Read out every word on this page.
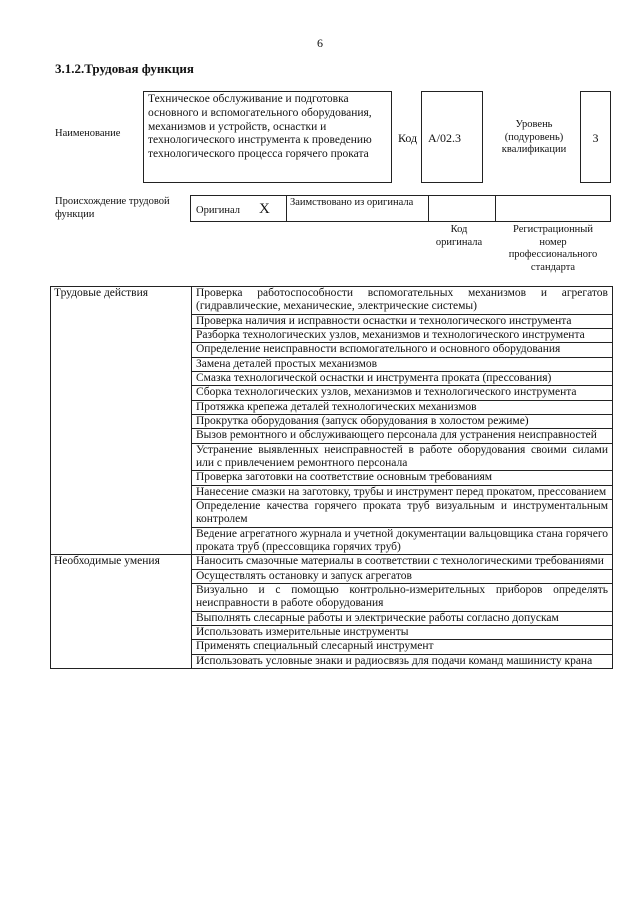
6
3.1.2.Трудовая функция
Наименование
Техническое обслуживание и подготовка основного и вспомогательного оборудования, механизмов и устройств, оснастки и технологического инструмента к проведению технологического процесса горячего проката
Код А/02.3
Уровень (подуровень) квалификации
3
Происхождение трудовой функции	Оригинал X Заимствовано из оригинала
Код оригинала
Регистрационный номер профессионального стандарта
Трудовые действия	Проверка работоспособности вспомогательных механизмов и агрегатов (гидравлические, механические, электрические системы)
	Проверка наличия и исправности оснастки и технологического инструмента
	Разборка технологических узлов, механизмов и технологического инструмента
	Определение неисправности вспомогательного и основного оборудования
	Замена деталей простых механизмов
	Смазка технологической оснастки и инструмента проката (прессования)
	Сборка технологических узлов, механизмов и технологического инструмента
	Протяжка крепежа деталей технологических механизмов
	Прокрутка оборудования (запуск оборудования в холостом режиме)
	Вызов ремонтного и обслуживающего персонала для устранения неисправностей
	Устранение выявленных неисправностей в работе оборудования своими силами или с привлечением ремонтного персонала
	Проверка заготовки на соответствие основным требованиям
	Нанесение смазки на заготовку, трубы и инструмент перед прокатом, прессованием
	Определение качества горячего проката труб визуальным и инструментальным контролем
	Ведение агрегатного журнала и учетной документации вальцовщика стана горячего проката труб (прессовщика горячих труб)
Необходимые умения	Наносить смазочные материалы в соответствии с технологическими требованиями
	Осуществлять остановку и запуск агрегатов
	Визуально и с помощью контрольно-измерительных приборов определять неисправности в работе оборудования
	Выполнять слесарные работы и электрические работы согласно допускам
	Использовать измерительные инструменты
	Применять специальный слесарный инструмент
	Использовать условные знаки и радиосвязь для подачи команд машинисту крана
